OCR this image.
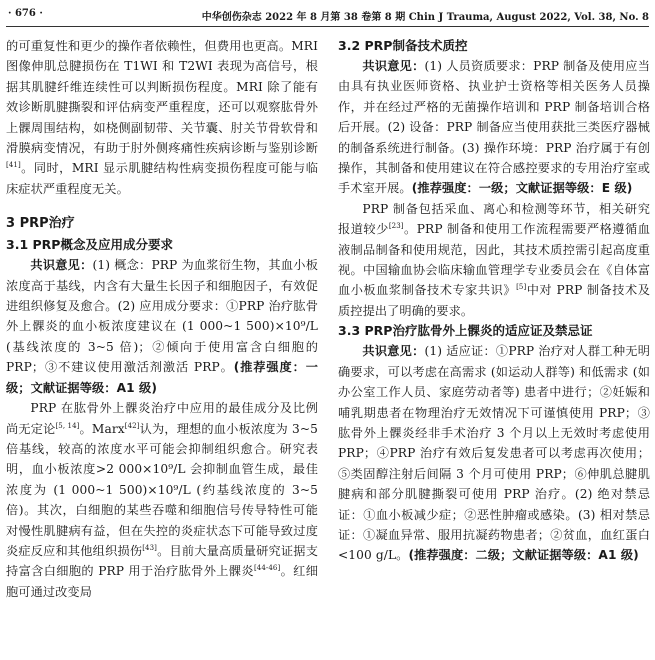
· 676 ·	中华创伤杂志 2022 年 8 月第 38 卷第 8 期 Chin J Trauma, August 2022, Vol. 38, No. 8

的可重复性和更少的操作者依赖性，但费用也更高。MRI 图像伸肌总腱损伤在 T1WI 和 T2WI 表现为高信号，根据其肌腱纤维连续性可以判断损伤程度。MRI 除了能有效诊断肌腱撕裂和评估病变严重程度，还可以观察肱骨外上髁周围结构，如桡侧副韧带、关节囊、肘关节骨软骨和滑膜病变情况，有助于肘外侧疼痛性疾病诊断与鉴别诊断[41]。同时，MRI 显示肌腱结构性病变损伤程度可能与临床症状严重程度无关。

3 PRP治疗
3.1 PRP概念及应用成分要求

共识意见：(1) 概念：PRP 为血浆衍生物，其血小板浓度高于基线，内含有大量生长因子和细胞因子，有效促进组织修复及愈合。(2) 应用成分要求：①PRP 治疗肱骨外上髁炎的血小板浓度建议在 (1 000~1 500)×10⁹/L (基线浓度的 3~5 倍)；②倾向于使用富含白细胞的 PRP；③不建议使用激活剂激活 PRP。(推荐强度：一级；文献证据等级：A1 级)

PRP 在肱骨外上髁炎治疗中应用的最佳成分及比例尚无定论[5, 14]。Marx[42]认为，理想的血小板浓度为 3~5 倍基线，较高的浓度水平可能会抑制组织愈合。研究表明，血小板浓度>2 000×10⁹/L 会抑制血管生成，最佳浓度为 (1 000~1 500)×10⁹/L (约基线浓度的 3~5 倍)。其次，白细胞的某些吞噬和细胞信号传导特性可能对慢性肌腱病有益，但在失控的炎症状态下可能导致过度炎症反应和其他组织损伤[43]。目前大量高质量研究证据支持富含白细胞的 PRP 用于治疗肱骨外上髁炎[44-46]。红细胞可通过改变局

3.2 PRP制备技术质控

共识意见：(1) 人员资质要求：PRP 制备及使用应当由具有执业医师资格、执业护士资格等相关医务人员操作，并在经过严格的无菌操作培训和 PRP 制备培训合格后开展。(2) 设备：PRP 制备应当使用获批三类医疗器械的制备系统进行制备。(3) 操作环境：PRP 治疗属于有创操作，其制备和使用建议在符合感控要求的专用治疗室或手术室开展。(推荐强度：一级；文献证据等级：E 级)

PRP 制备包括采血、离心和检测等环节，相关研究报道较少[23]。PRP 制备和使用工作流程需要严格遵循血液制品制备和使用规范，因此，其技术质控需引起高度重视。中国输血协会临床输血管理学专业委员会在《自体富血小板血浆制备技术专家共识》[5]中对 PRP 制备技术及质控提出了明确的要求。

3.3 PRP治疗肱骨外上髁炎的适应证及禁忌证

共识意见：(1) 适应证：①PRP 治疗对人群工种无明确要求，可以考虑在高需求 (如运动人群等) 和低需求 (如办公室工作人员、家庭劳动者等) 患者中进行；②妊娠和哺乳期患者在物理治疗无效情况下可谨慎使用 PRP；③肱骨外上髁炎经非手术治疗 3 个月以上无效时考虑使用 PRP；④PRP 治疗有效后复发患者可以考虑再次使用；⑤类固醇注射后间隔 3 个月可使用 PRP；⑥伸肌总腱肌腱病和部分肌腱撕裂可使用 PRP 治疗。(2) 绝对禁忌证：①血小板减少症；②恶性肿瘤或感染。(3) 相对禁忌证：①凝血异常、服用抗凝药物患者；②贫血，血红蛋白<100 g/L。(推荐强度：二级；文献证据等级：A1 级)
